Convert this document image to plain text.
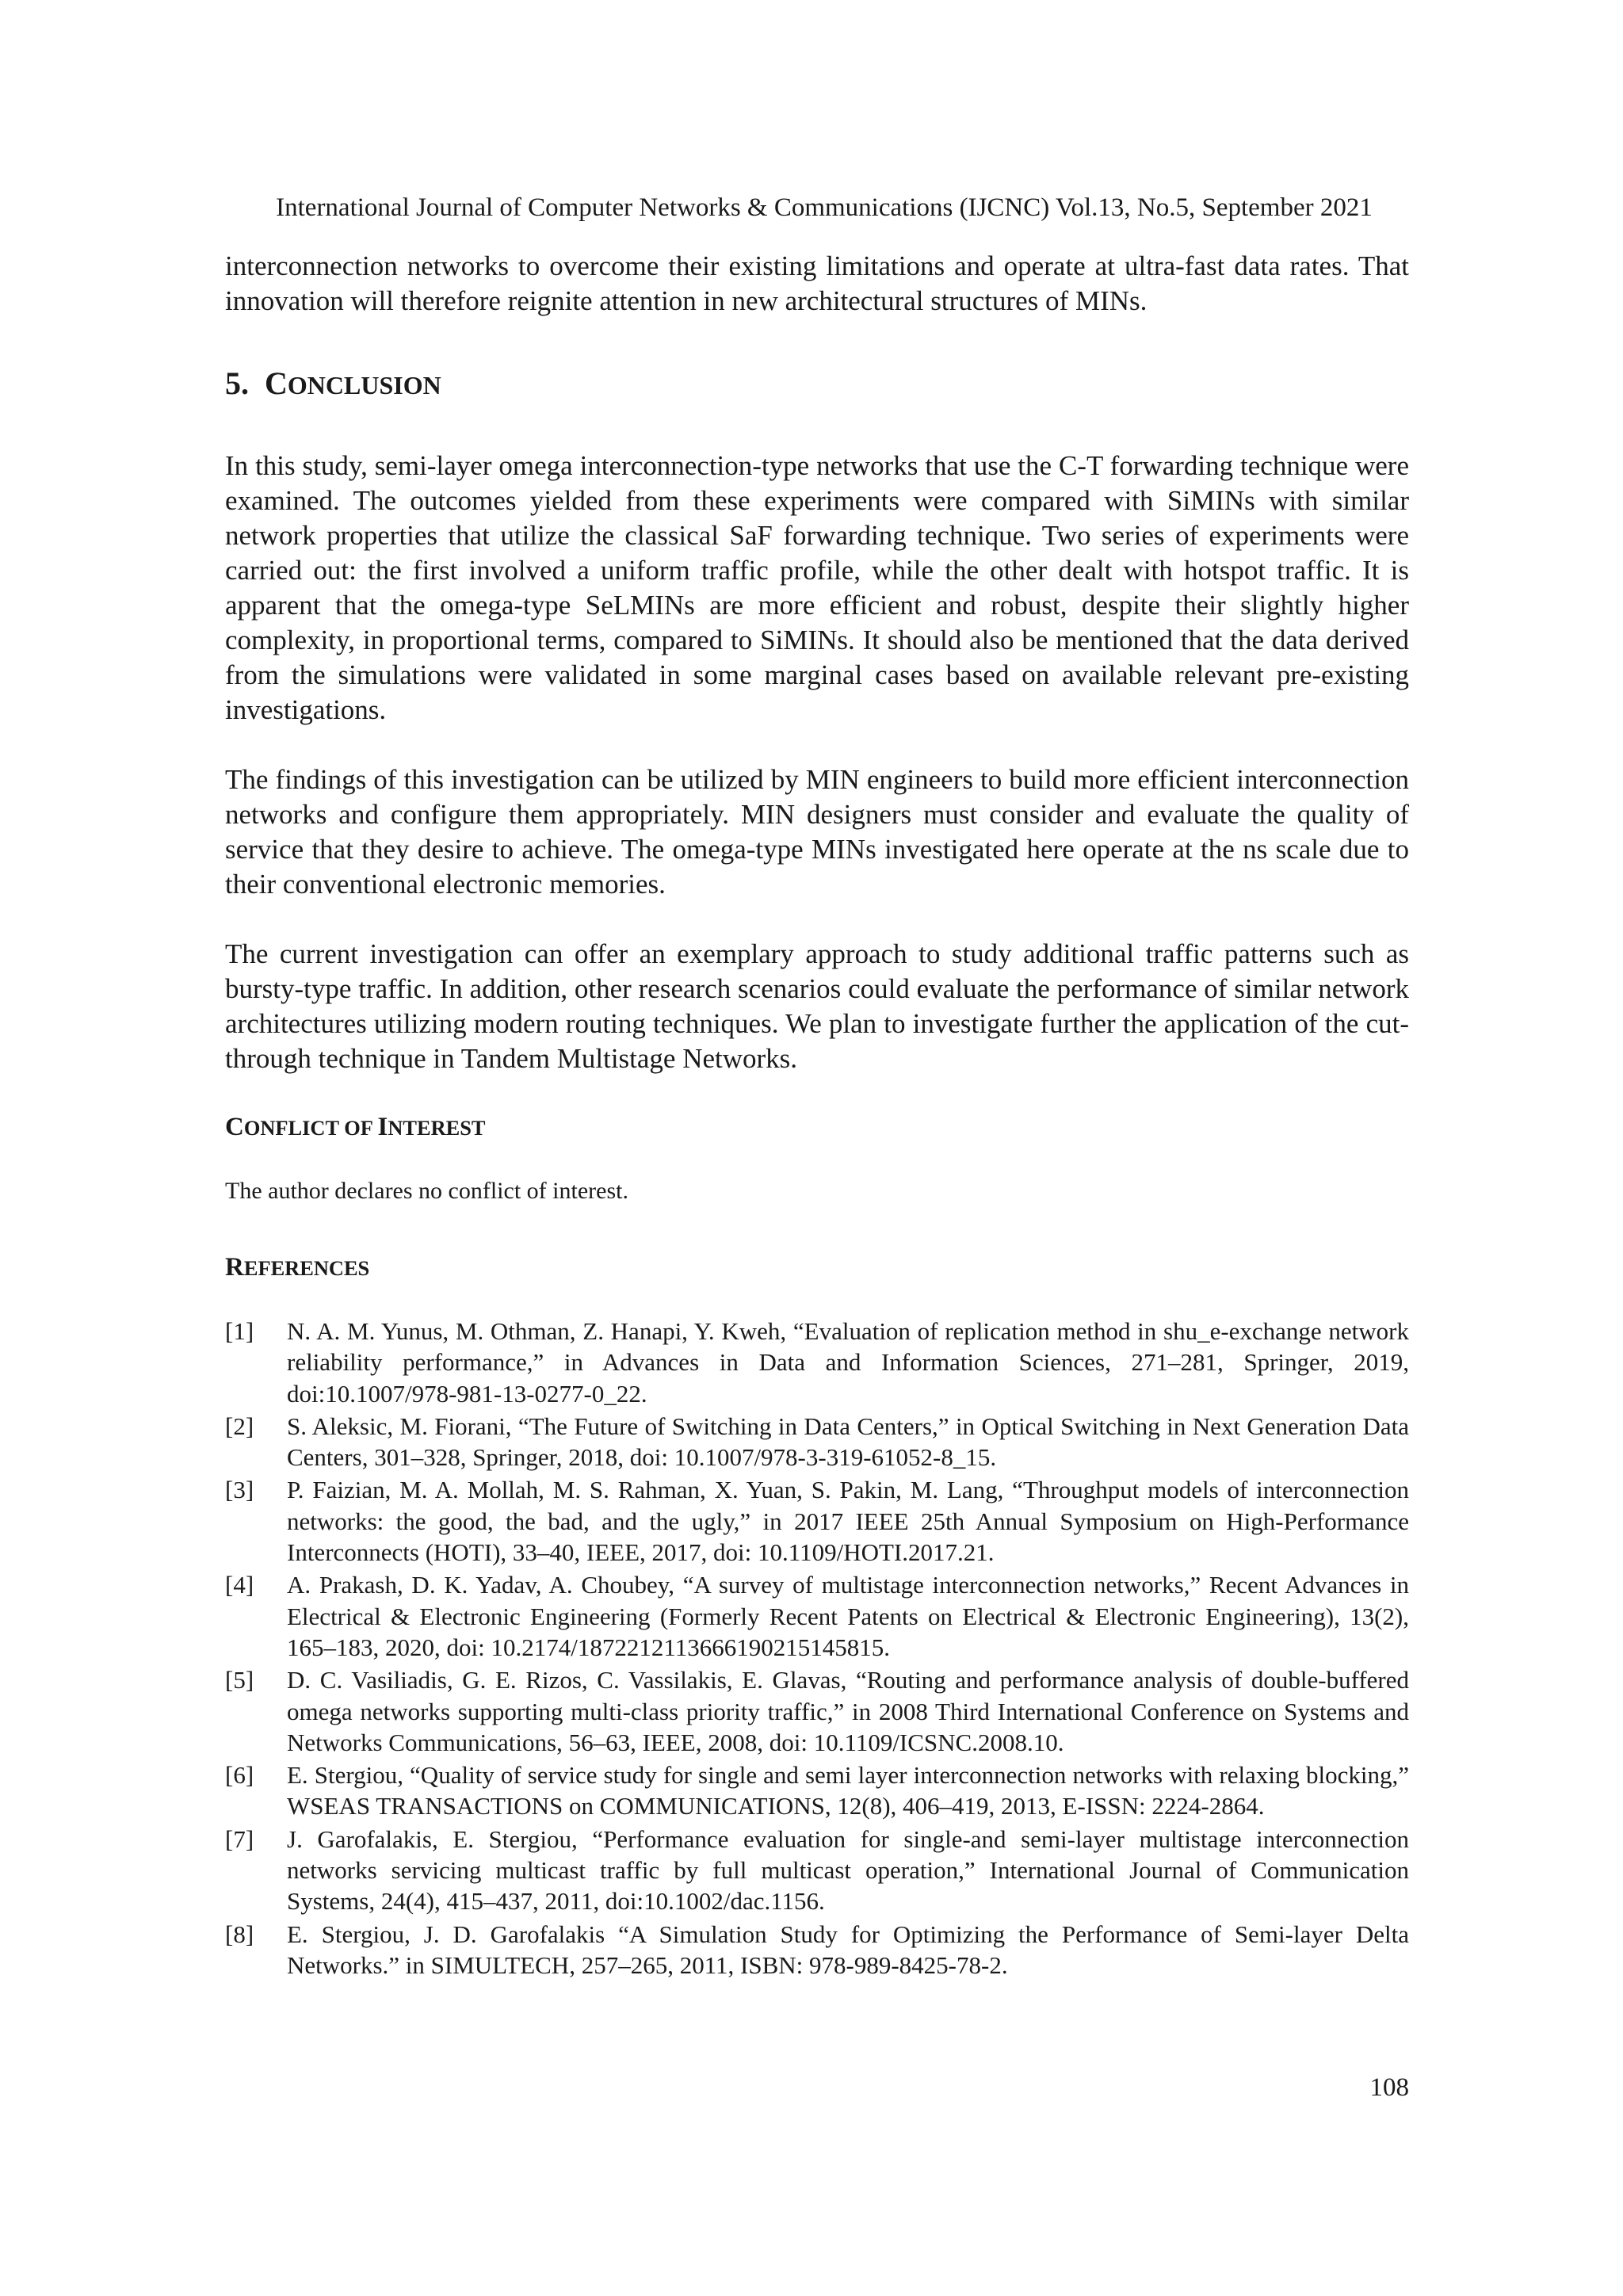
International Journal of Computer Networks & Communications (IJCNC) Vol.13, No.5, September 2021

interconnection networks to overcome their existing limitations and operate at ultra-fast data rates. That innovation will therefore reignite attention in new architectural structures of MINs.

5. CONCLUSION

In this study, semi-layer omega interconnection-type networks that use the C-T forwarding technique were examined. The outcomes yielded from these experiments were compared with SiMINs with similar network properties that utilize the classical SaF forwarding technique. Two series of experiments were carried out: the first involved a uniform traffic profile, while the other dealt with hotspot traffic. It is apparent that the omega-type SeLMINs are more efficient and robust, despite their slightly higher complexity, in proportional terms, compared to SiMINs. It should also be mentioned that the data derived from the simulations were validated in some marginal cases based on available relevant pre-existing investigations.

The findings of this investigation can be utilized by MIN engineers to build more efficient interconnection networks and configure them appropriately. MIN designers must consider and evaluate the quality of service that they desire to achieve. The omega-type MINs investigated here operate at the ns scale due to their conventional electronic memories.

The current investigation can offer an exemplary approach to study additional traffic patterns such as bursty-type traffic. In addition, other research scenarios could evaluate the performance of similar network architectures utilizing modern routing techniques. We plan to investigate further the application of the cut-through technique in Tandem Multistage Networks.

CONFLICT OF INTEREST

The author declares no conflict of interest.

REFERENCES
[1]	N. A. M. Yunus, M. Othman, Z. Hanapi, Y. Kweh, “Evaluation of replication method in shu_e-exchange network reliability performance,” in Advances in Data and Information Sciences, 271–281, Springer, 2019, doi:10.1007/978-981-13-0277-0_22.
[2]	S. Aleksic, M. Fiorani, “The Future of Switching in Data Centers,” in Optical Switching in Next Generation Data Centers, 301–328, Springer, 2018, doi: 10.1007/978-3-319-61052-8_15.
[3]	P. Faizian, M. A. Mollah, M. S. Rahman, X. Yuan, S. Pakin, M. Lang, “Throughput models of interconnection networks: the good, the bad, and the ugly,” in 2017 IEEE 25th Annual Symposium on High-Performance Interconnects (HOTI), 33–40, IEEE, 2017, doi: 10.1109/HOTI.2017.21.
[4]	A. Prakash, D. K. Yadav, A. Choubey, “A survey of multistage interconnection networks,” Recent Advances in Electrical & Electronic Engineering (Formerly Recent Patents on Electrical & Electronic Engineering), 13(2), 165–183, 2020, doi: 10.2174/1872212113666190215145815.
[5]	D. C. Vasiliadis, G. E. Rizos, C. Vassilakis, E. Glavas, “Routing and performance analysis of double-buffered omega networks supporting multi-class priority traffic,” in 2008 Third International Conference on Systems and Networks Communications, 56–63, IEEE, 2008, doi: 10.1109/ICSNC.2008.10.
[6]	E. Stergiou, “Quality of service study for single and semi layer interconnection networks with relaxing blocking,” WSEAS TRANSACTIONS on COMMUNICATIONS, 12(8), 406–419, 2013, E-ISSN: 2224-2864.
[7]	J. Garofalakis, E. Stergiou, “Performance evaluation for single-and semi-layer multistage interconnection networks servicing multicast traffic by full multicast operation,” International Journal of Communication Systems, 24(4), 415–437, 2011, doi:10.1002/dac.1156.
[8]	E. Stergiou, J. D. Garofalakis “A Simulation Study for Optimizing the Performance of Semi-layer Delta Networks.” in SIMULTECH, 257–265, 2011, ISBN: 978-989-8425-78-2.
108
